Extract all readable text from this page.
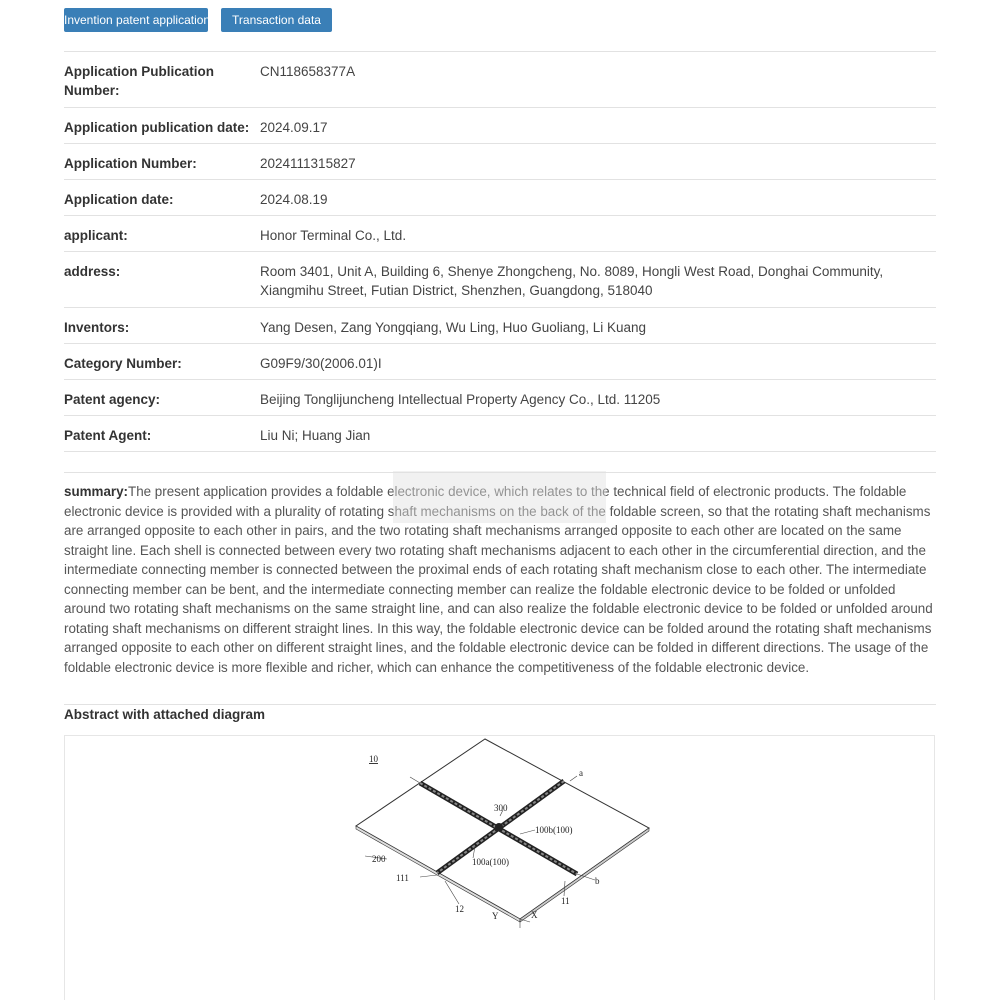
Invention patent application	Transaction data
Application Publication Number:
CN118658377A
Application publication date: 2024.09.17
Application Number:	2024111315827
Application date:	2024.08.19
applicant:	Honor Terminal Co., Ltd.
address:	Room 3401, Unit A, Building 6, Shenye Zhongcheng, No. 8089, Hongli West Road, Donghai Community, Xiangmihu Street, Futian District, Shenzhen, Guangdong, 518040
Inventors:	Yang Desen, Zang Yongqiang, Wu Ling, Huo Guoliang, Li Kuang
Category Number:	G09F9/30(2006.01)I
Patent agency:	Beijing Tonglijuncheng Intellectual Property Agency Co., Ltd. 11205
Patent Agent:	Liu Ni; Huang Jian
summary:The present application provides a foldable electronic device, which relates to the technical field of electronic products. The foldable electronic device is provided with a plurality of rotating shaft mechanisms on the back of the foldable screen, so that the rotating shaft mechanisms are arranged opposite to each other in pairs, and the two rotating shaft mechanisms arranged opposite to each other are located on the same straight line. Each shell is connected between every two rotating shaft mechanisms adjacent to each other in the circumferential direction, and the intermediate connecting member is connected between the proximal ends of each rotating shaft mechanism close to each other. The intermediate connecting member can be bent, and the intermediate connecting member can realize the foldable electronic device to be folded or unfolded around two rotating shaft mechanisms on the same straight line, and can also realize the foldable electronic device to be folded or unfolded around rotating shaft mechanisms on different straight lines. In this way, the foldable electronic device can be folded around the rotating shaft mechanisms arranged opposite to each other on different straight lines, and the foldable electronic device can be folded in different directions. The usage of the foldable electronic device is more flexible and richer, which can enhance the competitiveness of the foldable electronic device.
Abstract with attached diagram
10
a
b
300
100b(100)
100a(100)
200
111
12
11
Y	X
